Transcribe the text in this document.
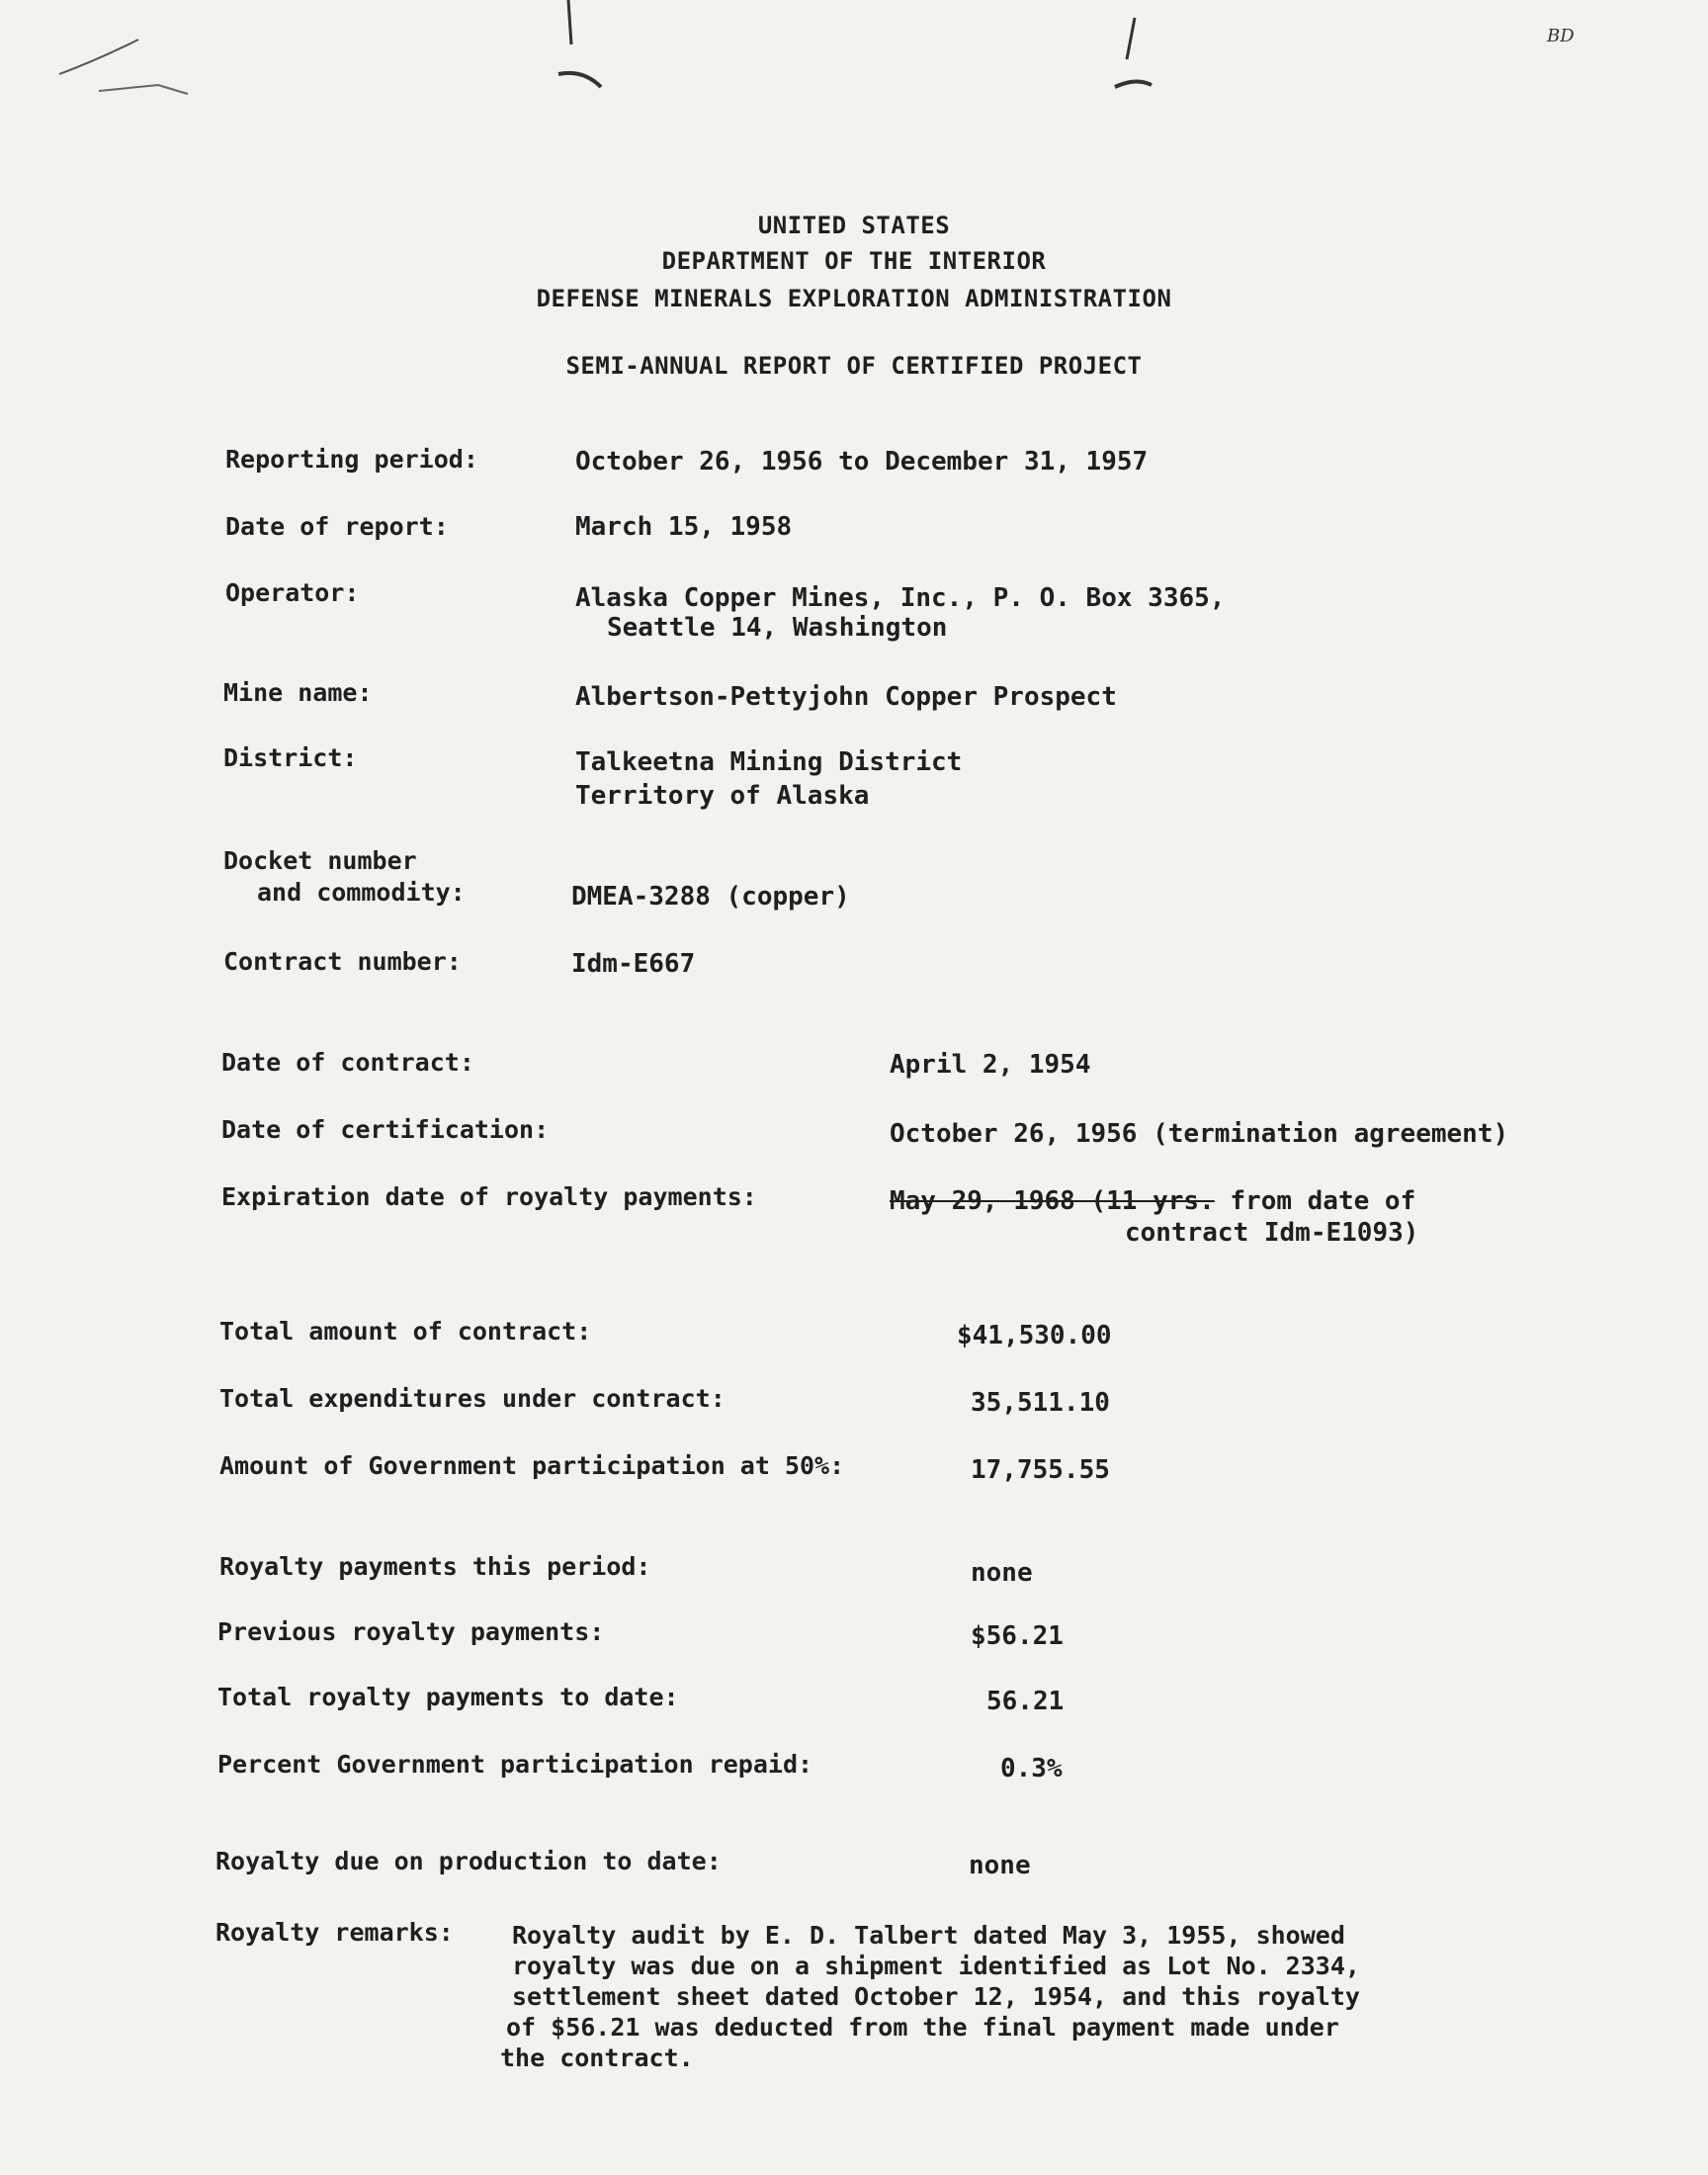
BD
UNITED STATES
DEPARTMENT OF THE INTERIOR
DEFENSE MINERALS EXPLORATION ADMINISTRATION
SEMI-ANNUAL REPORT OF CERTIFIED PROJECT
Reporting period:	October 26, 1956 to December 31, 1957
Date of report:	March 15, 1958
Operator:	Alaska Copper Mines, Inc., P. O. Box 3365,
Seattle 14, Washington
Mine name:	Albertson-Pettyjohn Copper Prospect
District:	Talkeetna Mining District
Territory of Alaska
Docket number
and commodity:	DMEA-3288 (copper)
Contract number:	Idm-E667
Date of contract:	April 2, 1954
Date of certification:	October 26, 1956 (termination agreement)
Expiration date of royalty payments:	May 29, 1968 (11 yrs. from date of
contract Idm-E1093)
Total amount of contract:	$41,530.00
Total expenditures under contract:	35,511.10
Amount of Government participation at 50%:	17,755.55
Royalty payments this period:	none
Previous royalty payments:	$56.21
Total royalty payments to date:	56.21
Percent Government participation repaid:	0.3%
Royalty due on production to date:	none
Royalty remarks: Royalty audit by E. D. Talbert dated May 3, 1955, showed
royalty was due on a shipment identified as Lot No. 2334,
settlement sheet dated October 12, 1954, and this royalty
of $56.21 was deducted from the final payment made under
the contract.
